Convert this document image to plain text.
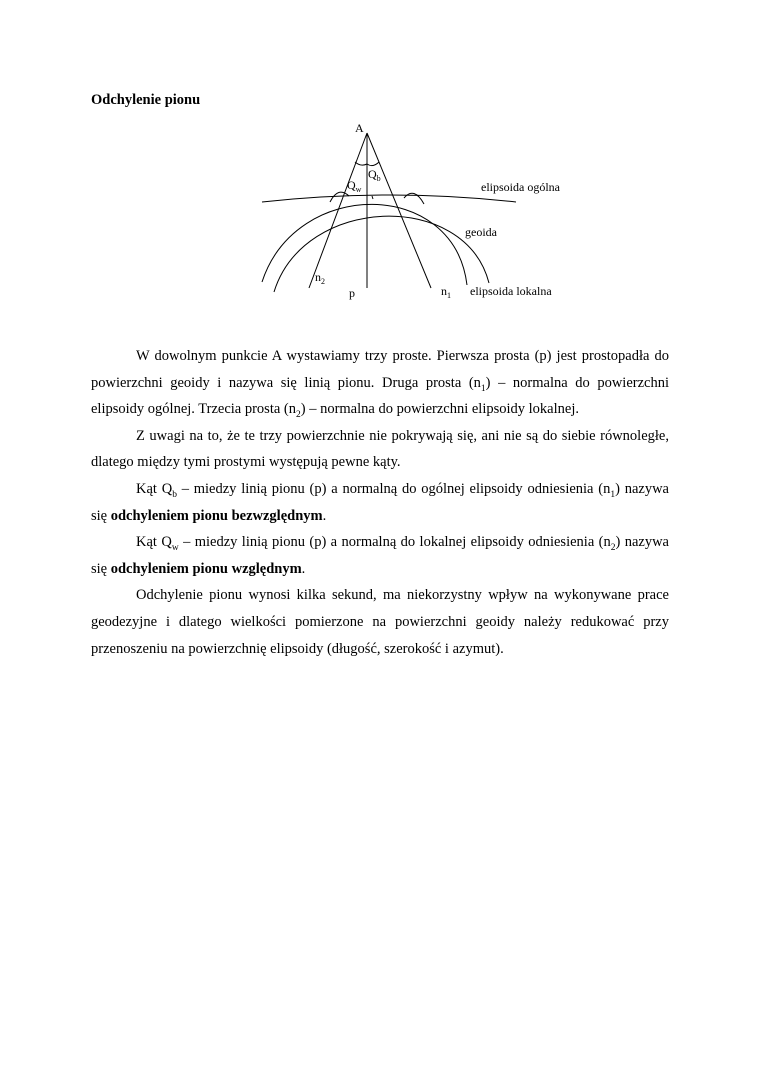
Odchylenie pionu
A
$Q_b$
$Q_w$	elipsoida ogólna
geoida
$n_2$
p	$n_1$ elipsoida lokalna

W dowolnym punkcie A wystawiamy trzy proste. Pierwsza prosta (p) jest prostopadła do powierzchni geoidy i nazywa się linią pionu. Druga prosta $(n_1)$ – normalna do powierzchni elipsoidy ogólnej. Trzecia prosta $(n_2)$ – normalna do powierzchni elipsoidy lokalnej.

Z uwagi na to, że te trzy powierzchnie nie pokrywają się, ani nie są do siebie równoległe, dlatego między tymi prostymi występują pewne kąty.

Kąt $Q_b$ – miedzy linią pionu (p) a normalną do ogólnej elipsoidy odniesienia $(n_1)$ nazywa się odchyleniem pionu bezwzględnym.

Kąt $Q_w$ – miedzy linią pionu (p) a normalną do lokalnej elipsoidy odniesienia $(n_2)$ nazywa się odchyleniem pionu względnym.

Odchylenie pionu wynosi kilka sekund, ma niekorzystny wpływ na wykonywane prace geodezyjne i dlatego wielkości pomierzone na powierzchni geoidy należy redukować przy przenoszeniu na powierzchnię elipsoidy (długość, szerokość i azymut).
